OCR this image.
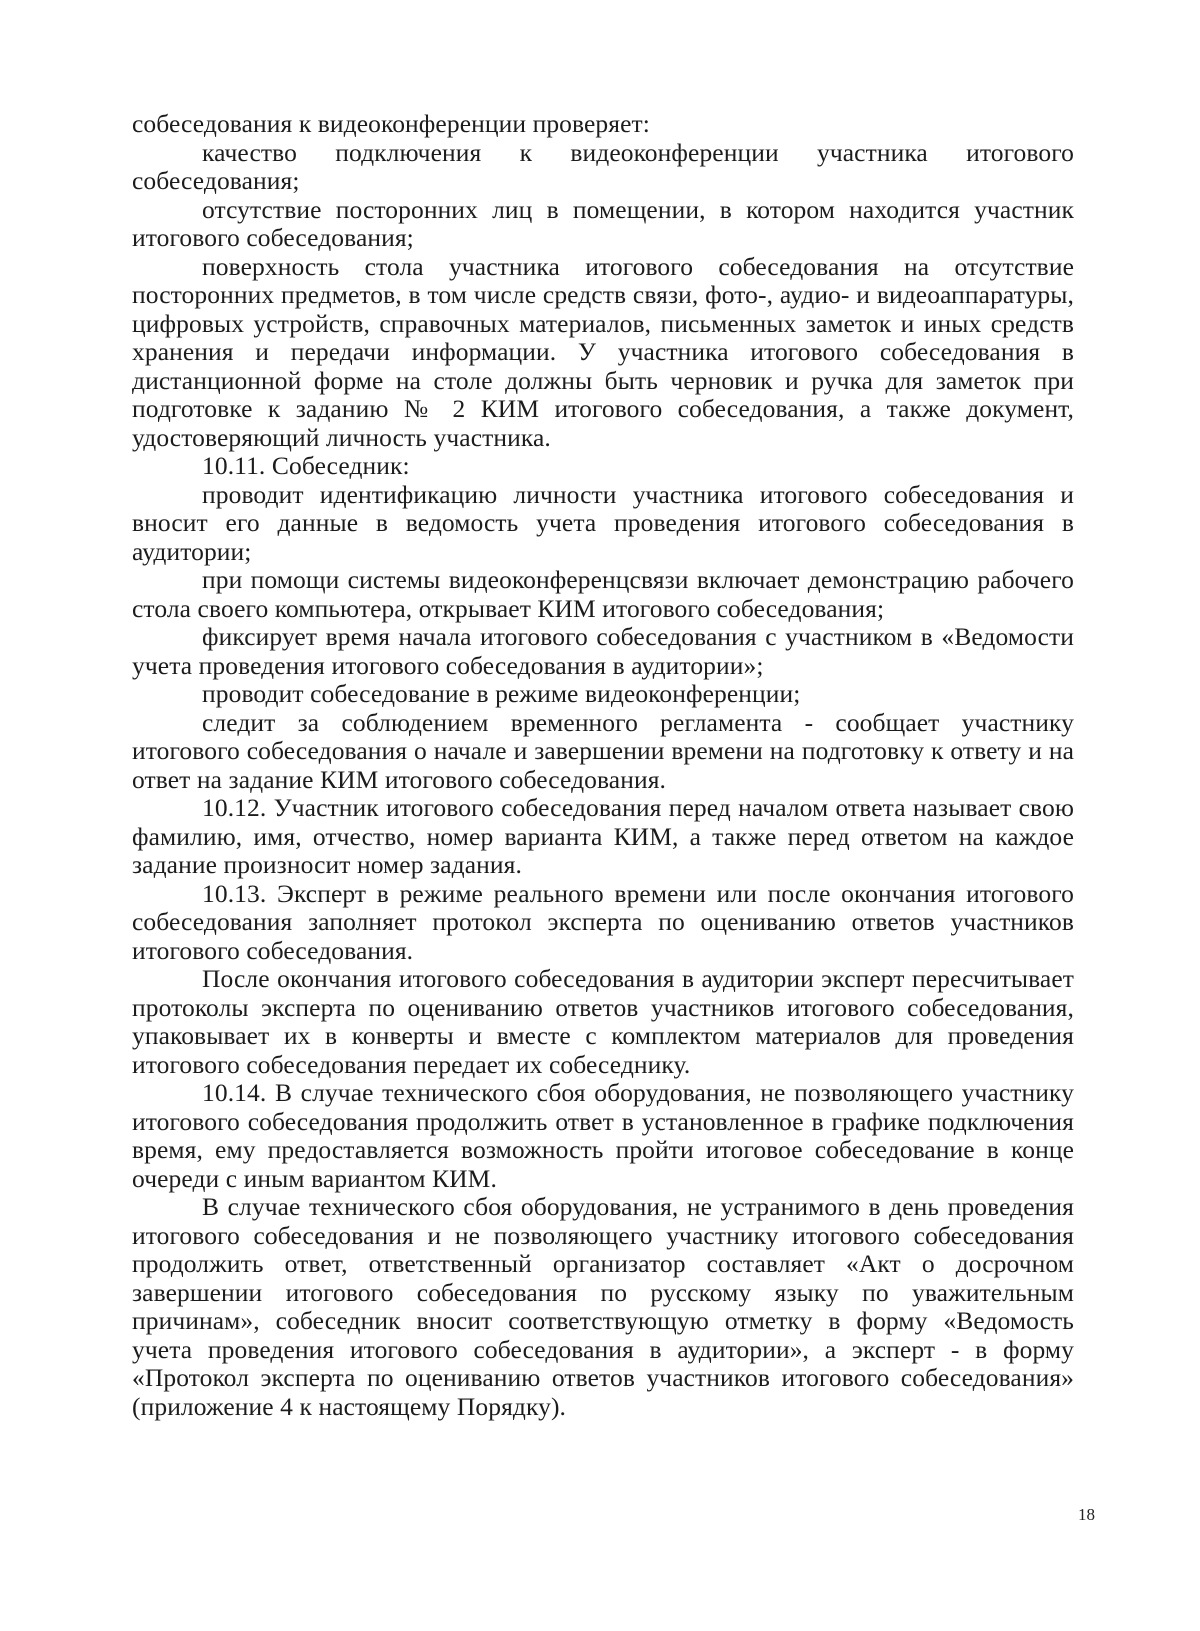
собеседования к видеоконференции проверяет:

качество подключения к видеоконференции участника итогового собеседования;

отсутствие посторонних лиц в помещении, в котором находится участник итогового собеседования;

поверхность стола участника итогового собеседования на отсутствие посторонних предметов, в том числе средств связи, фото-, аудио- и видеоаппаратуры, цифровых устройств, справочных материалов, письменных заметок и иных средств хранения и передачи информации. У участника итогового собеседования в дистанционной форме на столе должны быть черновик и ручка для заметок при подготовке к заданию № 2 КИМ итогового собеседования, а также документ, удостоверяющий личность участника.

10.11. Собеседник:

проводит идентификацию личности участника итогового собеседования и вносит его данные в ведомость учета проведения итогового собеседования в аудитории;

при помощи системы видеоконференцсвязи включает демонстрацию рабочего стола своего компьютера, открывает КИМ итогового собеседования;

фиксирует время начала итогового собеседования с участником в «Ведомости учета проведения итогового собеседования в аудитории»;

проводит собеседование в режиме видеоконференции;

следит за соблюдением временного регламента - сообщает участнику итогового собеседования о начале и завершении времени на подготовку к ответу и на ответ на задание КИМ итогового собеседования.

10.12. Участник итогового собеседования перед началом ответа называет свою фамилию, имя, отчество, номер варианта КИМ, а также перед ответом на каждое задание произносит номер задания.

10.13. Эксперт в режиме реального времени или после окончания итогового собеседования заполняет протокол эксперта по оцениванию ответов участников итогового собеседования.

После окончания итогового собеседования в аудитории эксперт пересчитывает протоколы эксперта по оцениванию ответов участников итогового собеседования, упаковывает их в конверты и вместе с комплектом материалов для проведения итогового собеседования передает их собеседнику.

10.14. В случае технического сбоя оборудования, не позволяющего участнику итогового собеседования продолжить ответ в установленное в графике подключения время, ему предоставляется возможность пройти итоговое собеседование в конце очереди с иным вариантом КИМ.

В случае технического сбоя оборудования, не устранимого в день проведения итогового собеседования и не позволяющего участнику итогового собеседования продолжить ответ, ответственный организатор составляет «Акт о досрочном завершении итогового собеседования по русскому языку по уважительным причинам», собеседник вносит соответствующую отметку в форму «Ведомость учета проведения итогового собеседования в аудитории», а эксперт - в форму «Протокол эксперта по оцениванию ответов участников итогового собеседования» (приложение 4 к настоящему Порядку).

18
